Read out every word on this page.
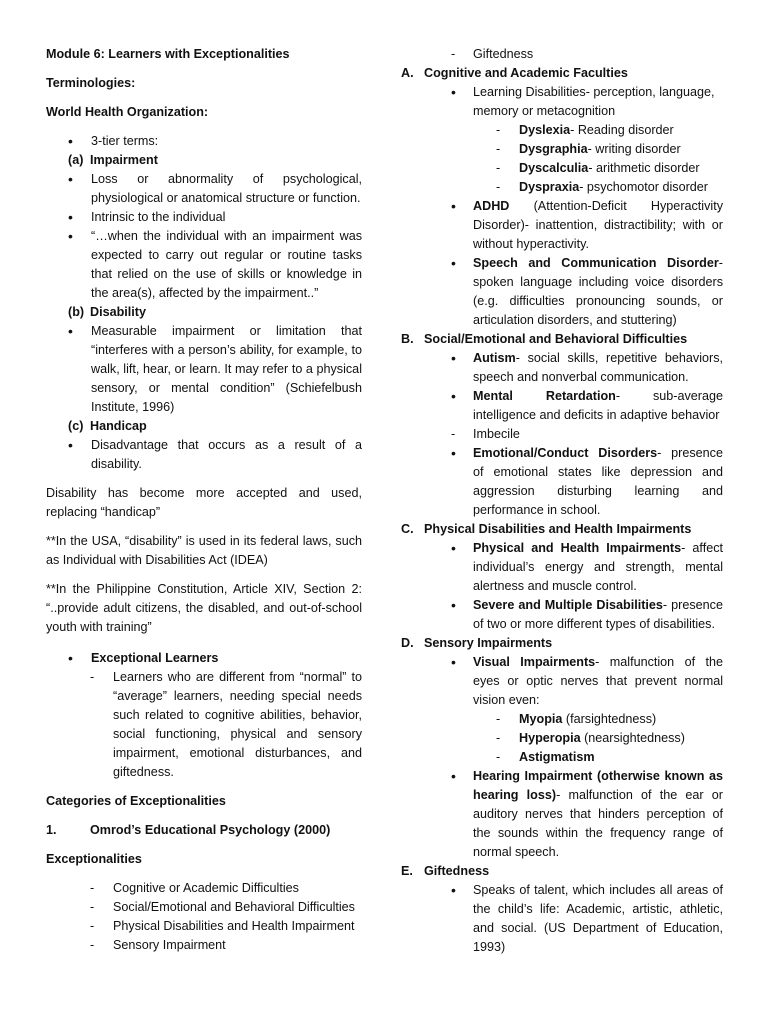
Module 6: Learners with Exceptionalities

Terminologies:

World Health Organization:

•	3-tier terms:
(a) Impairment
•	Loss or abnormality of psychological, physiological or anatomical structure or function.
•	Intrinsic to the individual
•	“…when the individual with an impairment was expected to carry out regular or routine tasks that relied on the use of skills or knowledge in the area(s), affected by the impairment..”
(b) Disability
•	Measurable impairment or limitation that “interferes with a person’s ability, for example, to walk, lift, hear, or learn. It may refer to a physical sensory, or mental condition” (Schiefelbush Institute, 1996)
(c) Handicap
•	Disadvantage that occurs as a result of a disability.

Disability has become more accepted and used, replacing “handicap”

**In the USA, “disability” is used in its federal laws, such as Individual with Disabilities Act (IDEA)

**In the Philippine Constitution, Article XIV, Section 2: “..provide adult citizens, the disabled, and out-of-school youth with training”

•	Exceptional Learners
-	Learners who are different from “normal” to “average” learners, needing special needs such related to cognitive abilities, behavior, social functioning, physical and sensory impairment, emotional disturbances, and giftedness.

Categories of Exceptionalities

1.	Omrod’s Educational Psychology (2000)

Exceptionalities

-	Cognitive or Academic Difficulties
-	Social/Emotional and Behavioral Difficulties
-	Physical Disabilities and Health Impairment
-	Sensory Impairment
-	Giftedness
A. Cognitive and Academic Faculties
•	Learning Disabilities- perception, language, memory or metacognition
-	Dyslexia- Reading disorder
-	Dysgraphia- writing disorder
-	Dyscalculia- arithmetic disorder
-	Dyspraxia- psychomotor disorder
•	ADHD (Attention-Deficit Hyperactivity Disorder)- inattention, distractibility; with or without hyperactivity.
•	Speech and Communication Disorder- spoken language including voice disorders (e.g. difficulties pronouncing sounds, or articulation disorders, and stuttering)
B. Social/Emotional and Behavioral Difficulties
•	Autism- social skills, repetitive behaviors, speech and nonverbal communication.
•	Mental Retardation- sub-average intelligence and deficits in adaptive behavior
-	Imbecile
•	Emotional/Conduct Disorders- presence of emotional states like depression and aggression disturbing learning and performance in school.
C. Physical Disabilities and Health Impairments
•	Physical and Health Impairments- affect individual’s energy and strength, mental alertness and muscle control.
•	Severe and Multiple Disabilities- presence of two or more different types of disabilities.
D. Sensory Impairments
•	Visual Impairments- malfunction of the eyes or optic nerves that prevent normal vision even:
-	Myopia (farsightedness)
-	Hyperopia (nearsightedness)
-	Astigmatism
•	Hearing Impairment (otherwise known as hearing loss)- malfunction of the ear or auditory nerves that hinders perception of the sounds within the frequency range of normal speech.
E. Giftedness
•	Speaks of talent, which includes all areas of the child’s life: Academic, artistic, athletic, and social. (US Department of Education, 1993)
